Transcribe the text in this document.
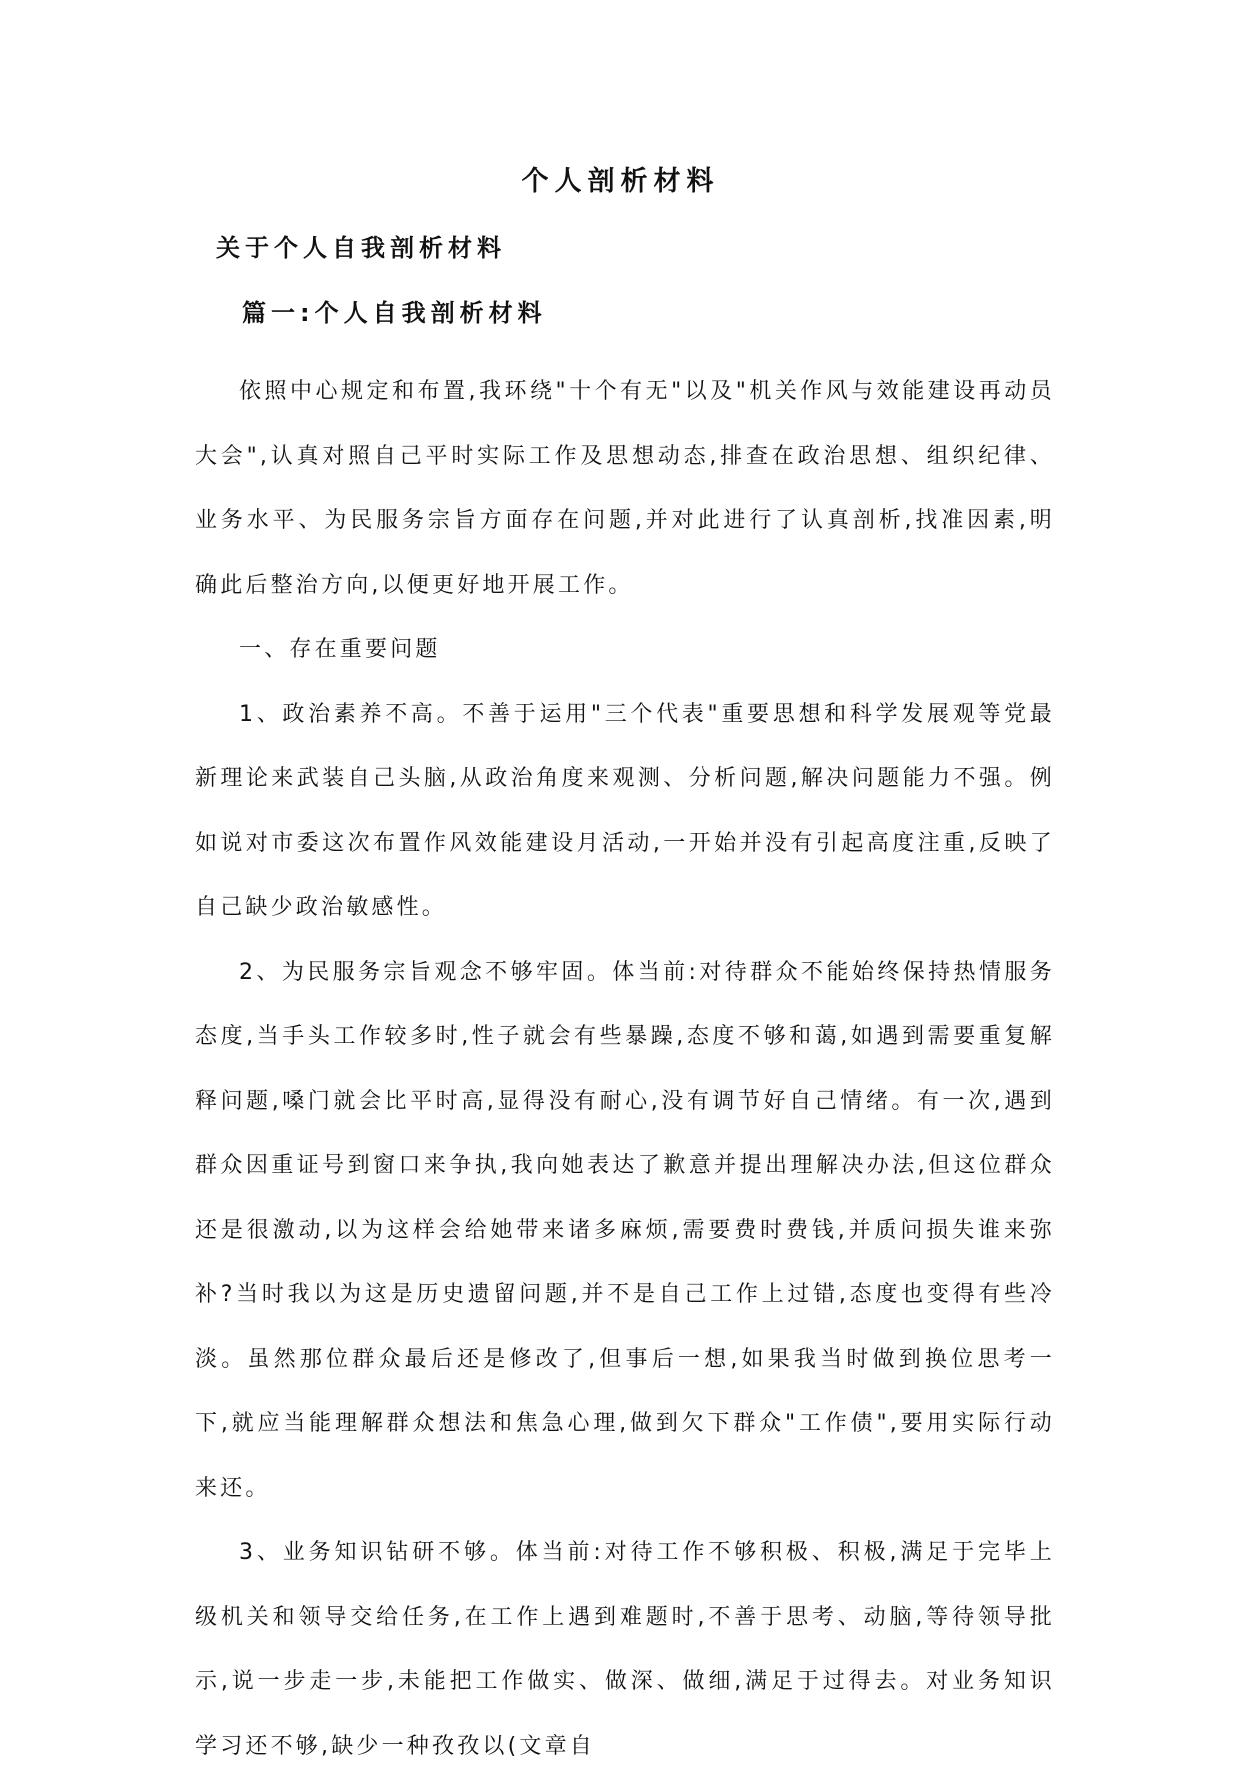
个人剖析材料
关于个人自我剖析材料
篇一:个人自我剖析材料

依照中心规定和布置,我环绕"十个有无"以及"机关作风与效能建设再动员大会",认真对照自己平时实际工作及思想动态,排查在政治思想、组织纪律、业务水平、为民服务宗旨方面存在问题,并对此进行了认真剖析,找准因素,明确此后整治方向,以便更好地开展工作。

一、存在重要问题

1、政治素养不高。不善于运用"三个代表"重要思想和科学发展观等党最新理论来武装自己头脑,从政治角度来观测、分析问题,解决问题能力不强。例如说对市委这次布置作风效能建设月活动,一开始并没有引起高度注重,反映了自己缺少政治敏感性。

2、为民服务宗旨观念不够牢固。体当前:对待群众不能始终保持热情服务态度,当手头工作较多时,性子就会有些暴躁,态度不够和蔼,如遇到需要重复解释问题,嗓门就会比平时高,显得没有耐心,没有调节好自己情绪。有一次,遇到群众因重证号到窗口来争执,我向她表达了歉意并提出理解决办法,但这位群众还是很激动,以为这样会给她带来诸多麻烦,需要费时费钱,并质问损失谁来弥补?当时我以为这是历史遗留问题,并不是自己工作上过错,态度也变得有些冷淡。虽然那位群众最后还是修改了,但事后一想,如果我当时做到换位思考一下,就应当能理解群众想法和焦急心理,做到欠下群众"工作债",要用实际行动来还。

3、业务知识钻研不够。体当前:对待工作不够积极、积极,满足于完毕上级机关和领导交给任务,在工作上遇到难题时,不善于思考、动脑,等待领导批示,说一步走一步,未能把工作做实、做深、做细,满足于过得去。对业务知识学习还不够,缺少一种孜孜以(文章自
